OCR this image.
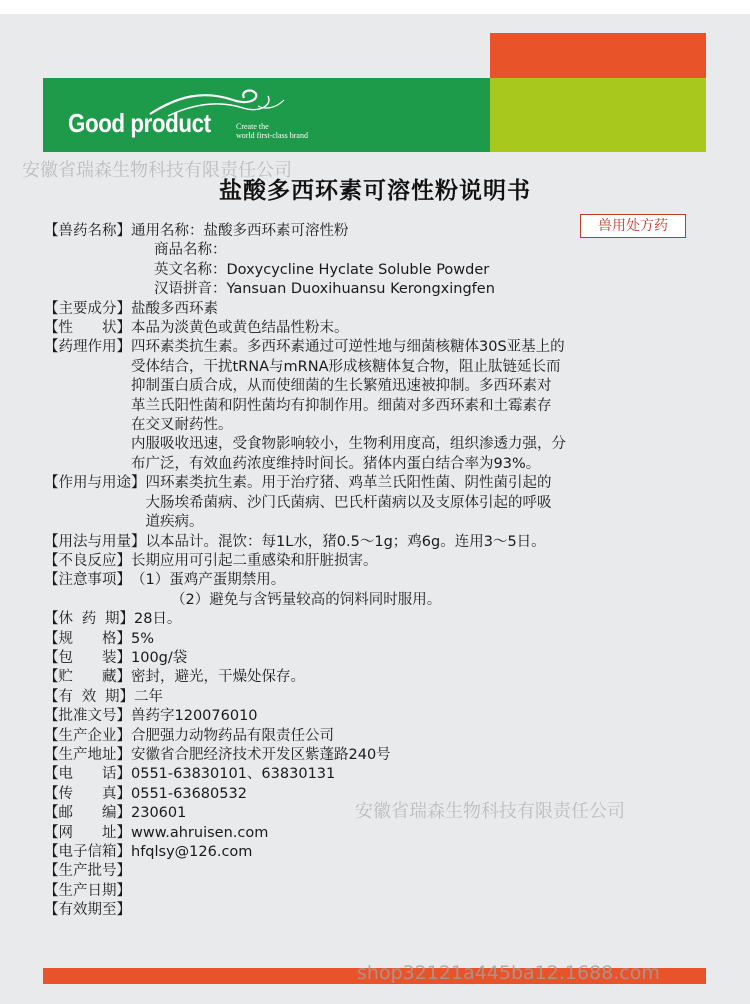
Good product	Create the
world first-class brand
安徽省瑞森生物科技有限责任公司
盐酸多西环素可溶性粉说明书
兽用处方药
【兽药名称】 通用名称：盐酸多西环素可溶性粉
商品名称：
英文名称：Doxycycline Hyclate Soluble Powder
汉语拼音：Yansuan Duoxihuansu Kerongxingfen
【主要成分】 盐酸多西环素
【性　　状】 本品为淡黄色或黄色结晶性粉末。
【药理作用】 四环素类抗生素。多西环素通过可逆性地与细菌核糖体30S亚基上的
受体结合，干扰tRNA与mRNA形成核糖体复合物，阻止肽链延长而
抑制蛋白质合成，从而使细菌的生长繁殖迅速被抑制。多西环素对
革兰氏阳性菌和阴性菌均有抑制作用。细菌对多西环素和土霉素存
在交叉耐药性。
内服吸收迅速，受食物影响较小，生物利用度高，组织渗透力强，分
布广泛，有效血药浓度维持时间长。猪体内蛋白结合率为93%。
【作用与用途】 四环素类抗生素。用于治疗猪、鸡革兰氏阳性菌、阴性菌引起的
大肠埃希菌病、沙门氏菌病、巴氏杆菌病以及支原体引起的呼吸
道疾病。
【用法与用量】 以本品计。混饮：每1L水，猪0.5～1g；鸡6g。连用3～5日。
【不良反应】 长期应用可引起二重感染和肝脏损害。
【注意事项】 （1）蛋鸡产蛋期禁用。
（2）避免与含钙量较高的饲料同时服用。
【休 药 期】 28日。
【规　　格】 5%
【包　　装】 100g/袋
【贮　　藏】 密封，避光，干燥处保存。
【有 效 期】 二年
【批准文号】 兽药字120076010
【生产企业】 合肥强力动物药品有限责任公司
【生产地址】 安徽省合肥经济技术开发区紫蓬路240号
【电　　话】 0551-63830101、63830131
【传　　真】 0551-63680532
【邮　　编】 230601
【网　　址】 www.ahruisen.com
【电子信箱】 hfqlsy@126.com
【生产批号】
【生产日期】
【有效期至】
安徽省瑞森生物科技有限责任公司
shop32121a445ba12.1688.com
